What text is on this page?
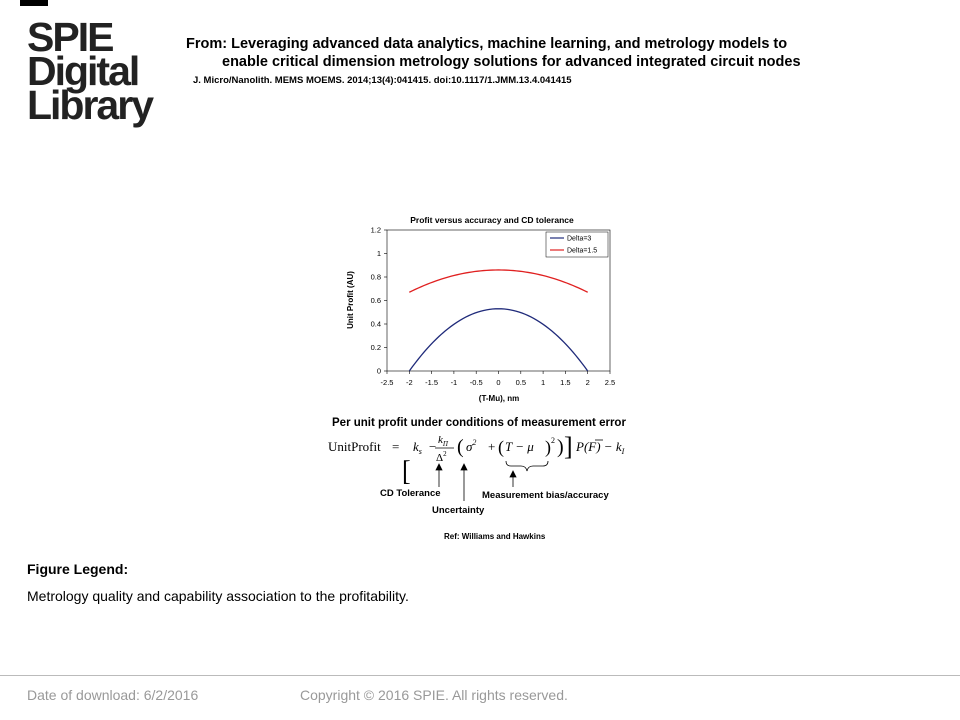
SPIE
Digital
Library
From: Leveraging advanced data analytics, machine learning, and metrology models to
enable critical dimension metrology solutions for advanced integrated circuit nodes
J. Micro/Nanolith. MEMS MOEMS. 2014;13(4):041415. doi:10.1117/1.JMM.13.4.041415
Profit versus accuracy and CD tolerance
0
0.2
0.4
0.6
0.8
1
1.2
-2.5 -2 -1.5 -1 -0.5 0 0.5 1 1.5 2 2.5
Delta=3
Delta=1.5
Unit Profit (AU)
(T-Mu), nm
Per unit profit under conditions of measurement error
UnitProfit =
[
$k_s - k_\Pi$
$\Delta^2$ ( $\sigma^2$ + ( T − μ ) 2 ) ] $P(F) - k_I$
CD Tolerance
Uncertainty
Measurement bias/accuracy
Ref: Williams and Hawkins
Figure Legend:
Metrology quality and capability association to the profitability.
Date of download: 6/2/2016	Copyright © 2016 SPIE. All rights reserved.
